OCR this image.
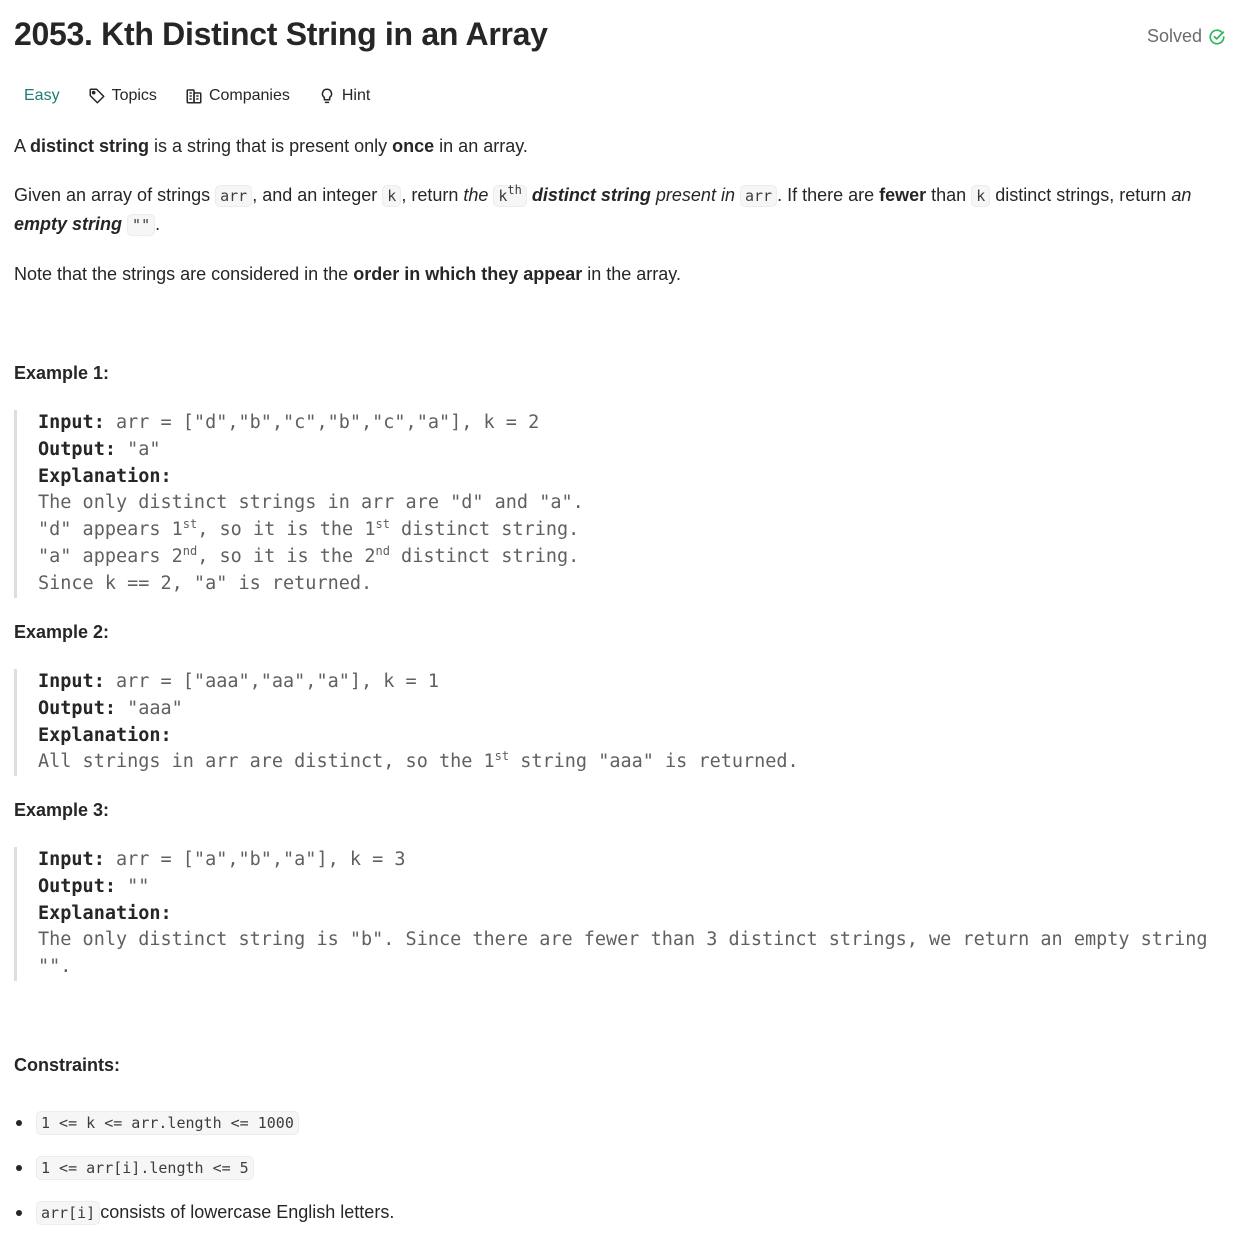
2053. Kth Distinct String in an Array	Solved
Easy	Topics	Companies	Hint

A distinct string is a string that is present only once in an array.

Given an array of strings arr , and an integer k , return the $k^{th}$ distinct string present in arr . If there are fewer than k distinct strings, return an empty string "" .

Note that the strings are considered in the order in which they appear in the array.

Example 1:
Input: arr = ["d","b","c","b","c","a"], k = 2
Output: "a"
Explanation:
The only distinct strings in arr are "d" and "a".
"d" appears 1st, so it is the 1st distinct string.
"a" appears 2nd, so it is the 2nd distinct string.
Since k == 2, "a" is returned.
Example 2:
Input: arr = ["aaa","aa","a"], k = 1
Output: "aaa"
Explanation:
All strings in arr are distinct, so the 1st string "aaa" is returned.
Example 3:
Input: arr = ["a","b","a"], k = 3
Output: ""
Explanation:
The only distinct string is "b". Since there are fewer than 3 distinct strings, we return an empty string
"".
Constraints:
1 <= k <= arr.length <= 1000
1 <= arr[i].length <= 5
arr[i] consists of lowercase English letters.
